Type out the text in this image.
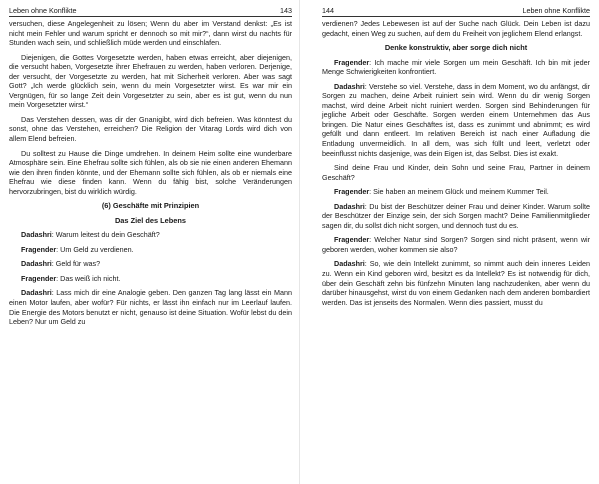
Leben ohne Konflikte	143

versuchen, diese Angelegenheit zu lösen; Wenn du aber im Verstand denkst: „Es ist nicht mein Fehler und warum spricht er dennoch so mit mir?“, dann wirst du nachts für Stunden wach sein, und schließlich müde werden und einschlafen.

Diejenigen, die Gottes Vorgesetzte werden, haben etwas erreicht, aber diejenigen, die versucht haben, Vorgesetzte ihrer Ehefrauen zu werden, haben verloren. Derjenige, der versucht, der Vorgesetzte zu werden, hat mit Sicherheit verloren. Aber was sagt Gott? „Ich werde glücklich sein, wenn du mein Vorgesetzter wirst. Es war mir ein Vergnügen, für so lange Zeit dein Vorgesetzter zu sein, aber es ist gut, wenn du nun mein Vorgesetzter wirst.“

Das Verstehen dessen, was dir der Gnanigibt, wird dich befreien. Was könntest du sonst, ohne das Verstehen, erreichen? Die Religion der Vitarag Lords wird dich von allem Elend befreien.

Du solltest zu Hause die Dinge umdrehen. In deinem Heim sollte eine wunderbare Atmosphäre sein. Eine Ehefrau sollte sich fühlen, als ob sie nie einen anderen Ehemann wie den ihren finden könnte, und der Ehemann sollte sich fühlen, als ob er niemals eine Ehefrau wie diese finden kann. Wenn du fähig bist, solche Veränderungen hervorzubringen, bist du wirklich würdig.

(6) Geschäfte mit Prinzipien
Das Ziel des Lebens

Dadashri: Warum leitest du dein Geschäft?

Fragender: Um Geld zu verdienen.

Dadashri: Geld für was?

Fragender: Das weiß ich nicht.

Dadashri: Lass mich dir eine Analogie geben. Den ganzen Tag lang lässt ein Mann einen Motor laufen, aber wofür? Für nichts, er lässt ihn einfach nur im Leerlauf laufen. Die Energie des Motors benutzt er nicht, genauso ist deine Situation. Wofür lebst du dein Leben? Nur um Geld zu

144	Leben ohne Konflikte

verdienen? Jedes Lebewesen ist auf der Suche nach Glück. Dein Leben ist dazu gedacht, einen Weg zu suchen, auf dem du Freiheit von jeglichem Elend erlangst.

Denke konstruktiv, aber sorge dich nicht

Fragender: Ich mache mir viele Sorgen um mein Geschäft. Ich bin mit jeder Menge Schwierigkeiten konfrontiert.

Dadashri: Verstehe so viel. Verstehe, dass in dem Moment, wo du anfängst, dir Sorgen zu machen, deine Arbeit ruiniert sein wird. Wenn du dir wenig Sorgen machst, wird deine Arbeit nicht ruiniert werden. Sorgen sind Behinderungen für jegliche Arbeit oder Geschäfte. Sorgen werden einem Unternehmen das Aus bringen. Die Natur eines Geschäftes ist, dass es zunimmt und abnimmt; es wird gefüllt und dann entleert. Im relativen Bereich ist nach einer Aufladung die Entladung unvermeidlich. In all dem, was sich füllt und leert, verletzt oder beeinflusst nichts dasjenige, was dein Eigen ist, das Selbst. Dies ist exakt.

Sind deine Frau und Kinder, dein Sohn und seine Frau, Partner in deinem Geschäft?

Fragender: Sie haben an meinem Glück und meinem Kummer Teil.

Dadashri: Du bist der Beschützer deiner Frau und deiner Kinder. Warum sollte der Beschützer der Einzige sein, der sich Sorgen macht? Deine Familienmitglieder sagen dir, du sollst dich nicht sorgen, und dennoch tust du es.

Fragender: Welcher Natur sind Sorgen? Sorgen sind nicht präsent, wenn wir geboren werden, woher kommen sie also?

Dadashri: So, wie dein Intellekt zunimmt, so nimmt auch dein inneres Leiden zu. Wenn ein Kind geboren wird, besitzt es da Intellekt? Es ist notwendig für dich, über dein Geschäft zehn bis fünfzehn Minuten lang nachzudenken, aber wenn du darüber hinausgehst, wirst du von einem Gedanken nach dem anderen bombardiert werden. Das ist jenseits des Normalen. Wenn dies passiert, musst du
